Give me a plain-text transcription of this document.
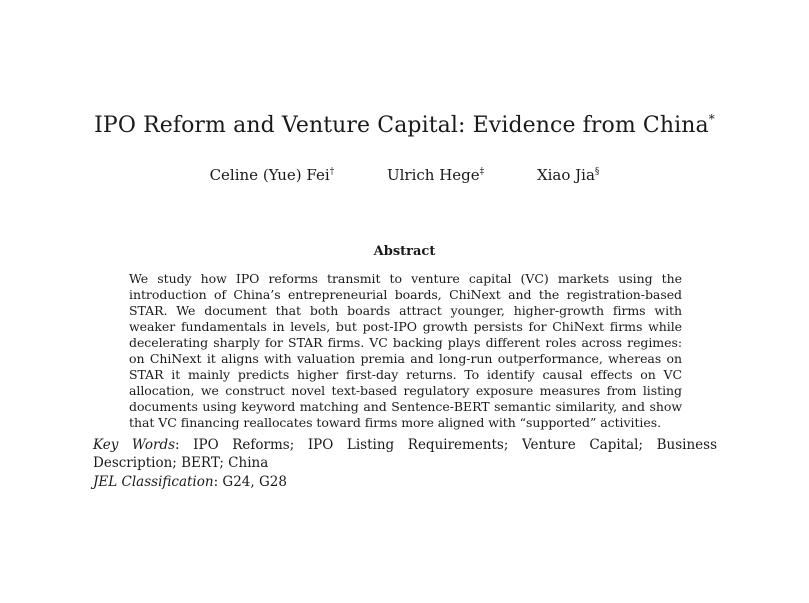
IPO Reform and Venture Capital: Evidence from China*
Celine (Yue) Fei†	Ulrich Hege‡	Xiao Jia§
Abstract
We study how IPO reforms transmit to venture capital (VC) markets using the introduction of China’s entrepreneurial boards, ChiNext and the registration-based STAR. We document that both boards attract younger, higher-growth firms with weaker fundamentals in levels, but post-IPO growth persists for ChiNext firms while decelerating sharply for STAR firms. VC backing plays different roles across regimes: on ChiNext it aligns with valuation premia and long-run outperformance, whereas on STAR it mainly predicts higher first-day returns. To identify causal effects on VC allocation, we construct novel text-based regulatory exposure measures from listing documents using keyword matching and Sentence-BERT semantic similarity, and show that VC financing reallocates toward firms more aligned with “supported” activities.
Key Words: IPO Reforms; IPO Listing Requirements; Venture Capital; Business Description; BERT; China
JEL Classification: G24, G28
